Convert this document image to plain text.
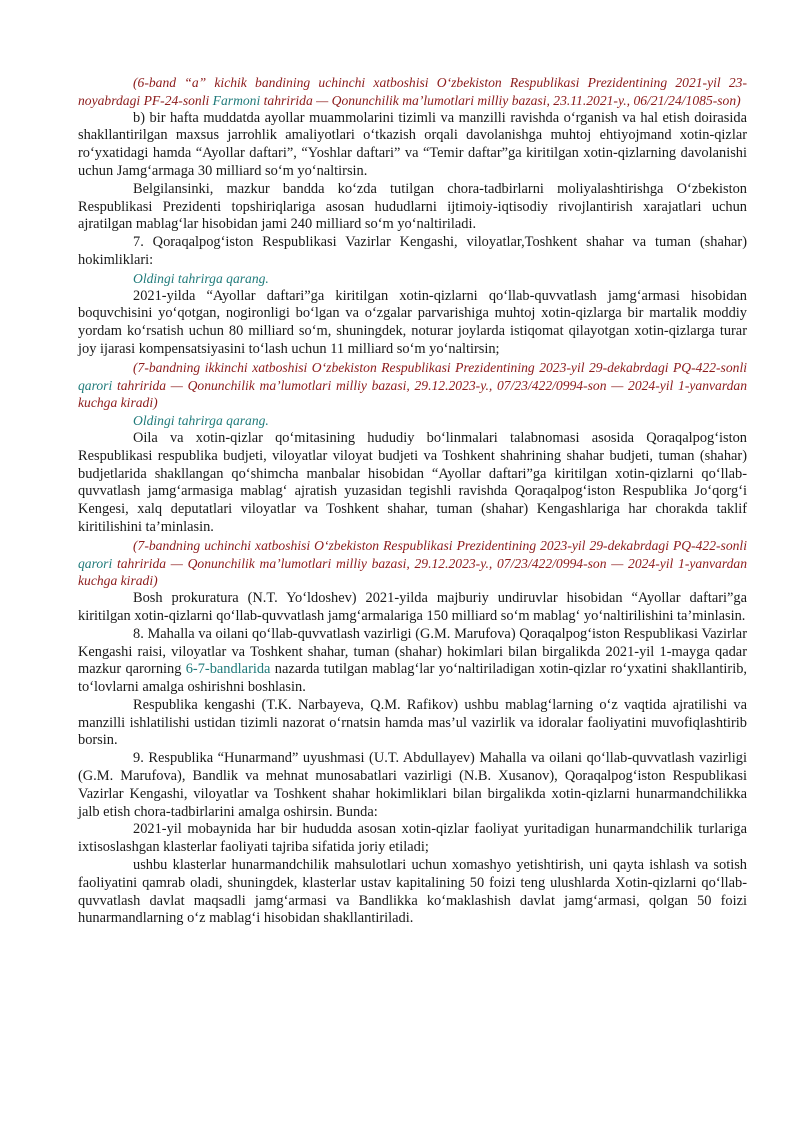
(6-band “a” kichik bandining uchinchi xatboshisi O‘zbekiston Respublikasi Prezidentining 2021-yil 23-noyabrdagi PF-24-sonli Farmoni tahririda — Qonunchilik ma’lumotlari milliy bazasi, 23.11.2021-y., 06/21/24/1085-son)

b) bir hafta muddatda ayollar muammolarini tizimli va manzilli ravishda o‘rganish va hal etish doirasida shakllantirilgan maxsus jarrohlik amaliyotlari o‘tkazish orqali davolanishga muhtoj ehtiyojmand xotin-qizlar ro‘yxatidagi hamda “Ayollar daftari”, “Yoshlar daftari” va “Temir daftar”ga kiritilgan xotin-qizlarning davolanishi uchun Jamg‘armaga 30 milliard so‘m yo‘naltirsin.

Belgilansinki, mazkur bandda ko‘zda tutilgan chora-tadbirlarni moliyalashtirishga O‘zbekiston Respublikasi Prezidenti topshiriqlariga asosan hududlarni ijtimoiy-iqtisodiy rivojlantirish xarajatlari uchun ajratilgan mablag‘lar hisobidan jami 240 milliard so‘m yo‘naltiriladi.

7. Qoraqalpog‘iston Respublikasi Vazirlar Kengashi, viloyatlar,Toshkent shahar va tuman (shahar) hokimliklari:

Oldingi tahrirga qarang.

2021-yilda “Ayollar daftari”ga kiritilgan xotin-qizlarni qo‘llab-quvvatlash jamg‘armasi hisobidan boquvchisini yo‘qotgan, nogironligi bo‘lgan va o‘zgalar parvarishiga muhtoj xotin-qizlarga bir martalik moddiy yordam ko‘rsatish uchun 80 milliard so‘m, shuningdek, noturar joylarda istiqomat qilayotgan xotin-qizlarga turar joy ijarasi kompensatsiyasini to‘lash uchun 11 milliard so‘m yo‘naltirsin;

(7-bandning ikkinchi xatboshisi O‘zbekiston Respublikasi Prezidentining 2023-yil 29-dekabrdagi PQ-422-sonli qarori tahririda — Qonunchilik ma’lumotlari milliy bazasi, 29.12.2023-y., 07/23/422/0994-son — 2024-yil 1-yanvardan kuchga kiradi)

Oldingi tahrirga qarang.

Oila va xotin-qizlar qo‘mitasining hududiy bo‘linmalari talabnomasi asosida Qoraqalpog‘iston Respublikasi respublika budjeti, viloyatlar viloyat budjeti va Toshkent shahrining shahar budjeti, tuman (shahar) budjetlarida shakllangan qo‘shimcha manbalar hisobidan “Ayollar daftari”ga kiritilgan xotin-qizlarni qo‘llab-quvvatlash jamg‘armasiga mablag‘ ajratish yuzasidan tegishli ravishda Qoraqalpog‘iston Respublika Jo‘qorg‘i Kengesi, xalq deputatlari viloyatlar va Toshkent shahar, tuman (shahar) Kengashlariga har chorakda taklif kiritilishini ta’minlasin.

(7-bandning uchinchi xatboshisi O‘zbekiston Respublikasi Prezidentining 2023-yil 29-dekabrdagi PQ-422-sonli qarori tahririda — Qonunchilik ma’lumotlari milliy bazasi, 29.12.2023-y., 07/23/422/0994-son — 2024-yil 1-yanvardan kuchga kiradi)

Bosh prokuratura (N.T. Yo‘ldoshev) 2021-yilda majburiy undiruvlar hisobidan “Ayollar daftari”ga kiritilgan xotin-qizlarni qo‘llab-quvvatlash jamg‘armalariga 150 milliard so‘m mablag‘ yo‘naltirilishini ta’minlasin.

8. Mahalla va oilani qo‘llab-quvvatlash vazirligi (G.M. Marufova) Qoraqalpog‘iston Respublikasi Vazirlar Kengashi raisi, viloyatlar va Toshkent shahar, tuman (shahar) hokimlari bilan birgalikda 2021-yil 1-mayga qadar mazkur qarorning 6-7-bandlarida nazarda tutilgan mablag‘lar yo‘naltiriladigan xotin-qizlar ro‘yxatini shakllantirib, to‘lovlarni amalga oshirishni boshlasin.

Respublika kengashi (T.K. Narbayeva, Q.M. Rafikov) ushbu mablag‘larning o‘z vaqtida ajratilishi va manzilli ishlatilishi ustidan tizimli nazorat o‘rnatsin hamda mas’ul vazirlik va idoralar faoliyatini muvofiqlashtirib borsin.

9. Respublika “Hunarmand” uyushmasi (U.T. Abdullayev) Mahalla va oilani qo‘llab-quvvatlash vazirligi (G.M. Marufova), Bandlik va mehnat munosabatlari vazirligi (N.B. Xusanov), Qoraqalpog‘iston Respublikasi Vazirlar Kengashi, viloyatlar va Toshkent shahar hokimliklari bilan birgalikda xotin-qizlarni hunarmandchilikka jalb etish chora-tadbirlarini amalga oshirsin. Bunda:

2021-yil mobaynida har bir hududda asosan xotin-qizlar faoliyat yuritadigan hunarmandchilik turlariga ixtisoslashgan klasterlar faoliyati tajriba sifatida joriy etiladi;

ushbu klasterlar hunarmandchilik mahsulotlari uchun xomashyo yetishtirish, uni qayta ishlash va sotish faoliyatini qamrab oladi, shuningdek, klasterlar ustav kapitalining 50 foizi teng ulushlarda Xotin-qizlarni qo‘llab-quvvatlash davlat maqsadli jamg‘armasi va Bandlikka ko‘maklashish davlat jamg‘armasi, qolgan 50 foizi hunarmandlarning o‘z mablag‘i hisobidan shakllantiriladi.
